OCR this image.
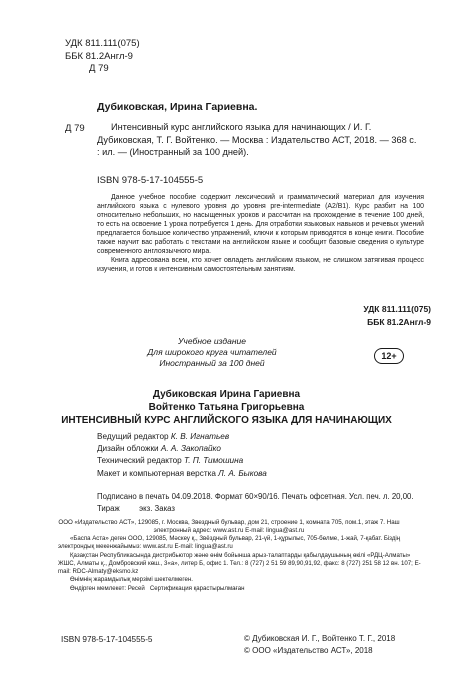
УДК 811.111(075)
ББК 81.2Англ-9
Д 79
Дубиковская, Ирина Гариевна.
Д 79	Интенсивный курс английского языка для начинающих / И. Г. Дубиковская, Т. Г. Войтенко. — Москва : Издательство АСТ, 2018. — 368 с. : ил. — (Иностранный за 100 дней).
ISBN 978-5-17-104555-5

Данное учебное пособие содержит лексический и грамматический материал для изучения английского языка с нулевого уровня до уровня pre-intermediate (A2/B1). Курс разбит на 100 относительно небольших, но насыщенных уроков и рассчитан на прохождение в течение 100 дней, то есть на освоение 1 урока потребуется 1 день. Для отработки языковых навыков и речевых умений предлагается большое количество упражнений, ключи к которым приводятся в конце книги. Пособие также научит вас работать с текстами на английском языке и сообщит базовые сведения о культуре современного англоязычного мира.

Книга адресована всем, кто хочет овладеть английским языком, не слишком затягивая процесс изучения, и готов к интенсивным самостоятельным занятиям.

УДК 811.111(075)
ББК 81.2Англ-9
Учебное издание
Для широкого круга читателей
Иностранный за 100 дней
12+
Дубиковская Ирина Гариевна
Войтенко Татьяна Григорьевна
ИНТЕНСИВНЫЙ КУРС АНГЛИЙСКОГО ЯЗЫКА ДЛЯ НАЧИНАЮЩИХ
Ведущий редактор К. В. Игнатьев
Дизайн обложки А. А. Закопайко
Технический редактор Т. П. Тимошина
Макет и компьютерная верстка Л. А. Быкова
Подписано в печать 04.09.2018. Формат 60×90/16. Печать офсетная. Усл. печ. л. 20,00.
Тираж         экз. Заказ
ООО «Издательство АСТ», 129085, г. Москва, Звездный бульвар, дом 21, строение 1, комната 705, пом.1, этаж 7. Наш электронный адрес: www.ast.ru E-mail: lingua@ast.ru

«Баспа Аста» деген ООО, 129085, Мәскеу қ., Звёздный бульвар, 21-үй, 1-құрылыс, 705-бөлме, 1-жай, 7-қабат. Біздің электрондық мекенжайымыз: www.ast.ru E-mail: lingua@ast.ru

Қазақстан Республикасында дистрибьютор және өнім бойынша арыз-талаптарды қабылдаушының өкілі «РДЦ-Алматы» ЖШС, Алматы қ., Домбровский көш., 3«а», литер Б, офис 1. Тел.: 8 (727) 2 51 59 89,90,91,92, факс: 8 (727) 251 58 12 вн. 107; E-mail: RDC-Almaty@eksmo.kz

Өнімнің жарамдылық мерзімі шектелмеген.

Өндірген мемлекет: Ресей   Сертификация қарастырылмаған

ISBN 978-5-17-104555-5	© Дубиковская И. Г., Войтенко Т. Г., 2018
© ООО «Издательство АСТ», 2018
